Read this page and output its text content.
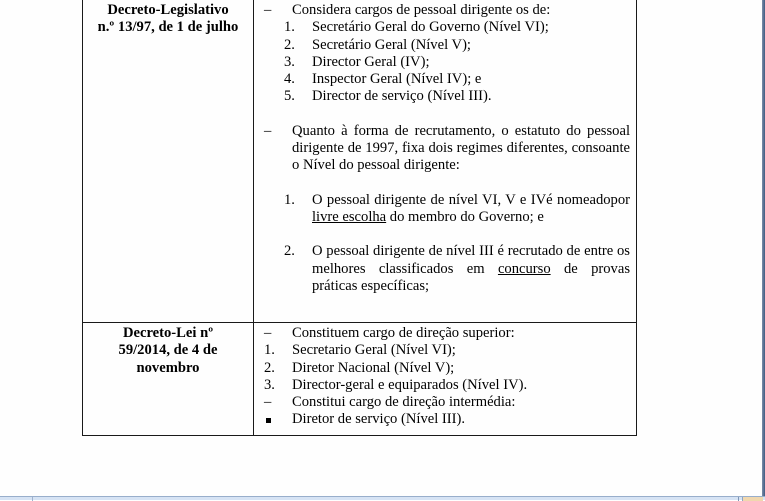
Decreto-Legislativo
n.º 13/97, de 1 de julho

–	Considera cargos de pessoal dirigente os de:
1.	Secretário Geral do Governo (Nível VI);
2.	Secretário Geral (Nível V);
3.	Director Geral (IV);
4.	Inspector Geral (Nível IV); e
5.	Director de serviço (Nível III).
–	Quanto à forma de recrutamento, o estatuto do pessoal dirigente de 1997, fixa dois regimes diferentes, consoante o Nível do pessoal dirigente:
1.	O pessoal dirigente de nível VI, V e IVé nomeadopor livre escolha do membro do Governo; e
2.	O pessoal dirigente de nível III é recrutado de entre os melhores classificados em concurso de provas práticas específicas;

Decreto-Lei nº
59/2014, de 4 de
novembro

–	Constituem cargo de direção superior:
1.	Secretario Geral (Nível VI);
2.	Diretor Nacional (Nível V);
3.	Director-geral e equiparados (Nível IV).
–	Constitui cargo de direção intermédia:
Diretor de serviço (Nível III).
